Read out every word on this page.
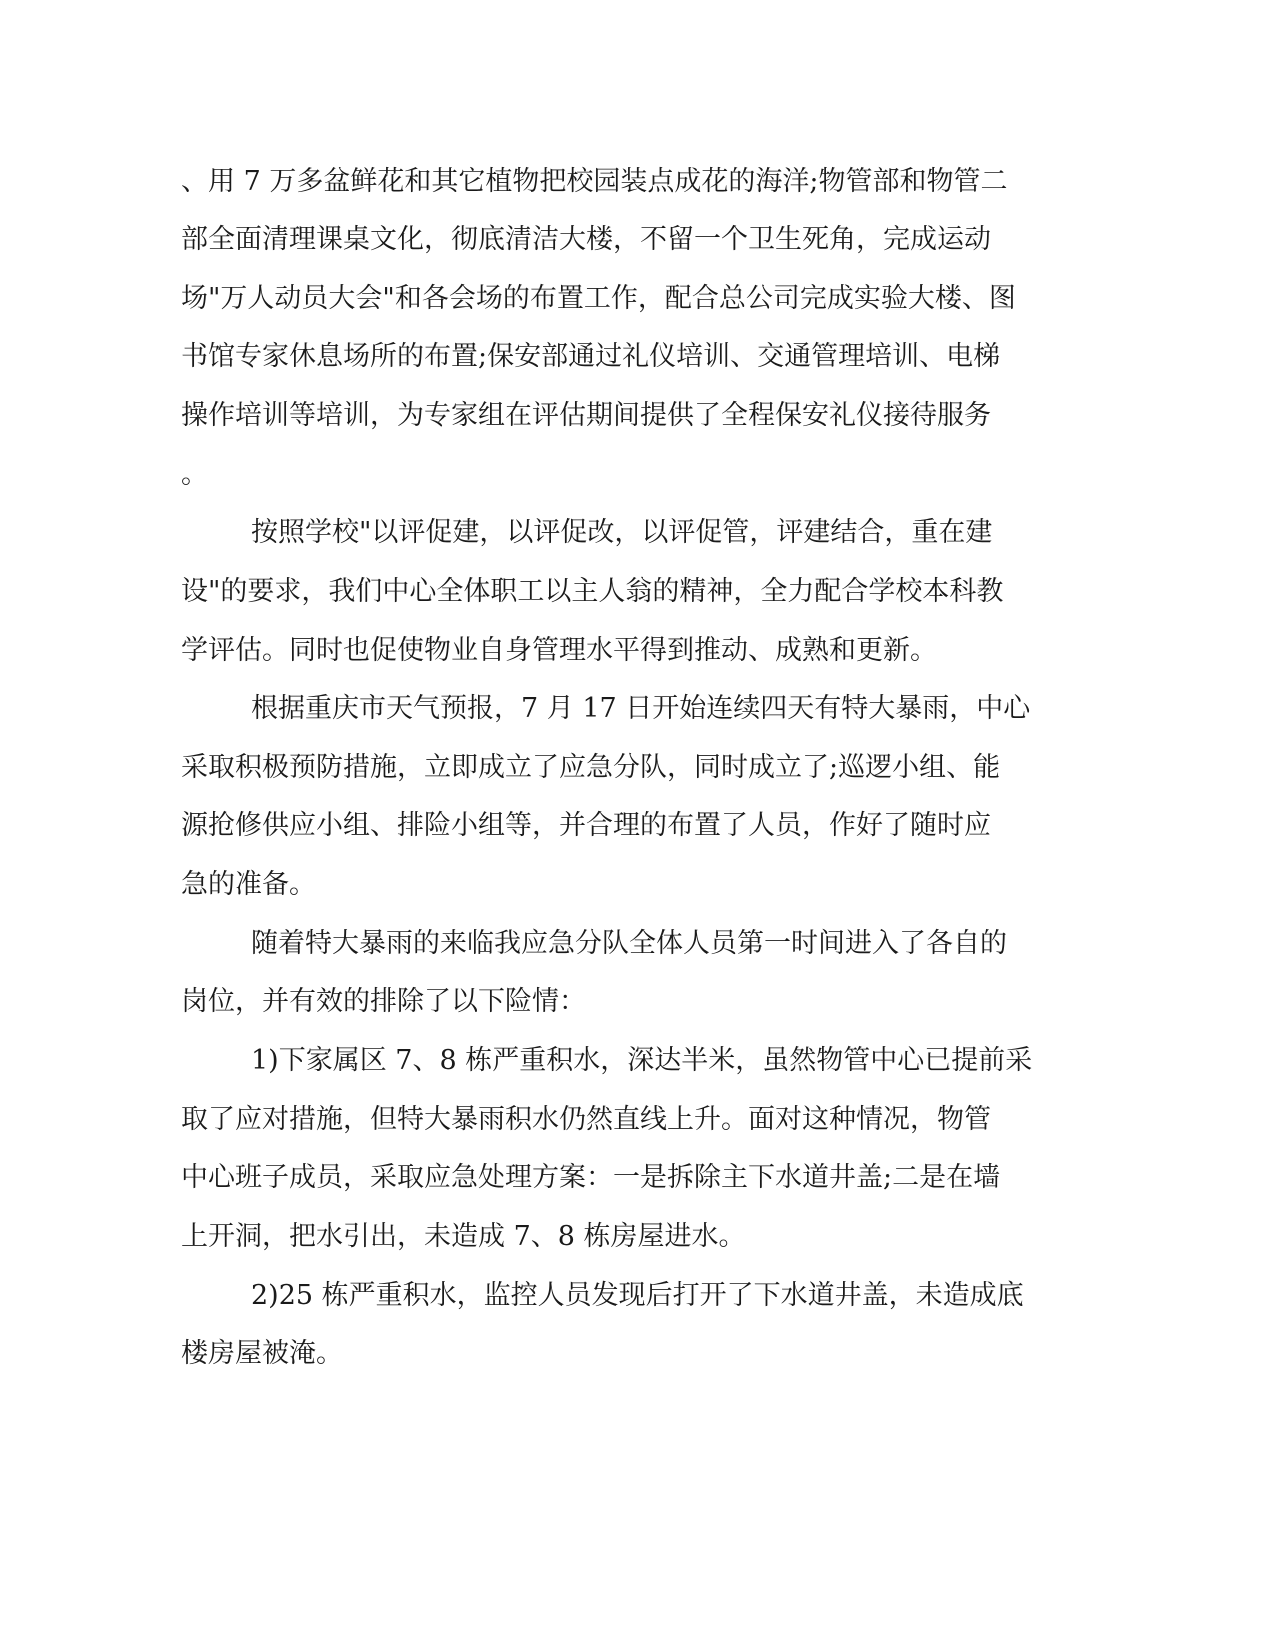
、用 7 万多盆鲜花和其它植物把校园装点成花的海洋;物管部和物管二
部全面清理课桌文化，彻底清洁大楼，不留一个卫生死角，完成运动
场"万人动员大会"和各会场的布置工作，配合总公司完成实验大楼、图
书馆专家休息场所的布置;保安部通过礼仪培训、交通管理培训、电梯
操作培训等培训，为专家组在评估期间提供了全程保安礼仪接待服务
。
按照学校"以评促建，以评促改，以评促管，评建结合，重在建
设"的要求，我们中心全体职工以主人翁的精神，全力配合学校本科教
学评估。同时也促使物业自身管理水平得到推动、成熟和更新。
根据重庆市天气预报，7 月 17 日开始连续四天有特大暴雨，中心
采取积极预防措施，立即成立了应急分队，同时成立了;巡逻小组、能
源抢修供应小组、排险小组等，并合理的布置了人员，作好了随时应
急的准备。
随着特大暴雨的来临我应急分队全体人员第一时间进入了各自的
岗位，并有效的排除了以下险情：
1)下家属区 7、8 栋严重积水，深达半米，虽然物管中心已提前采
取了应对措施，但特大暴雨积水仍然直线上升。面对这种情况，物管
中心班子成员，采取应急处理方案：一是拆除主下水道井盖;二是在墙
上开洞，把水引出，未造成 7、8 栋房屋进水。
2)25 栋严重积水，监控人员发现后打开了下水道井盖，未造成底
楼房屋被淹。
